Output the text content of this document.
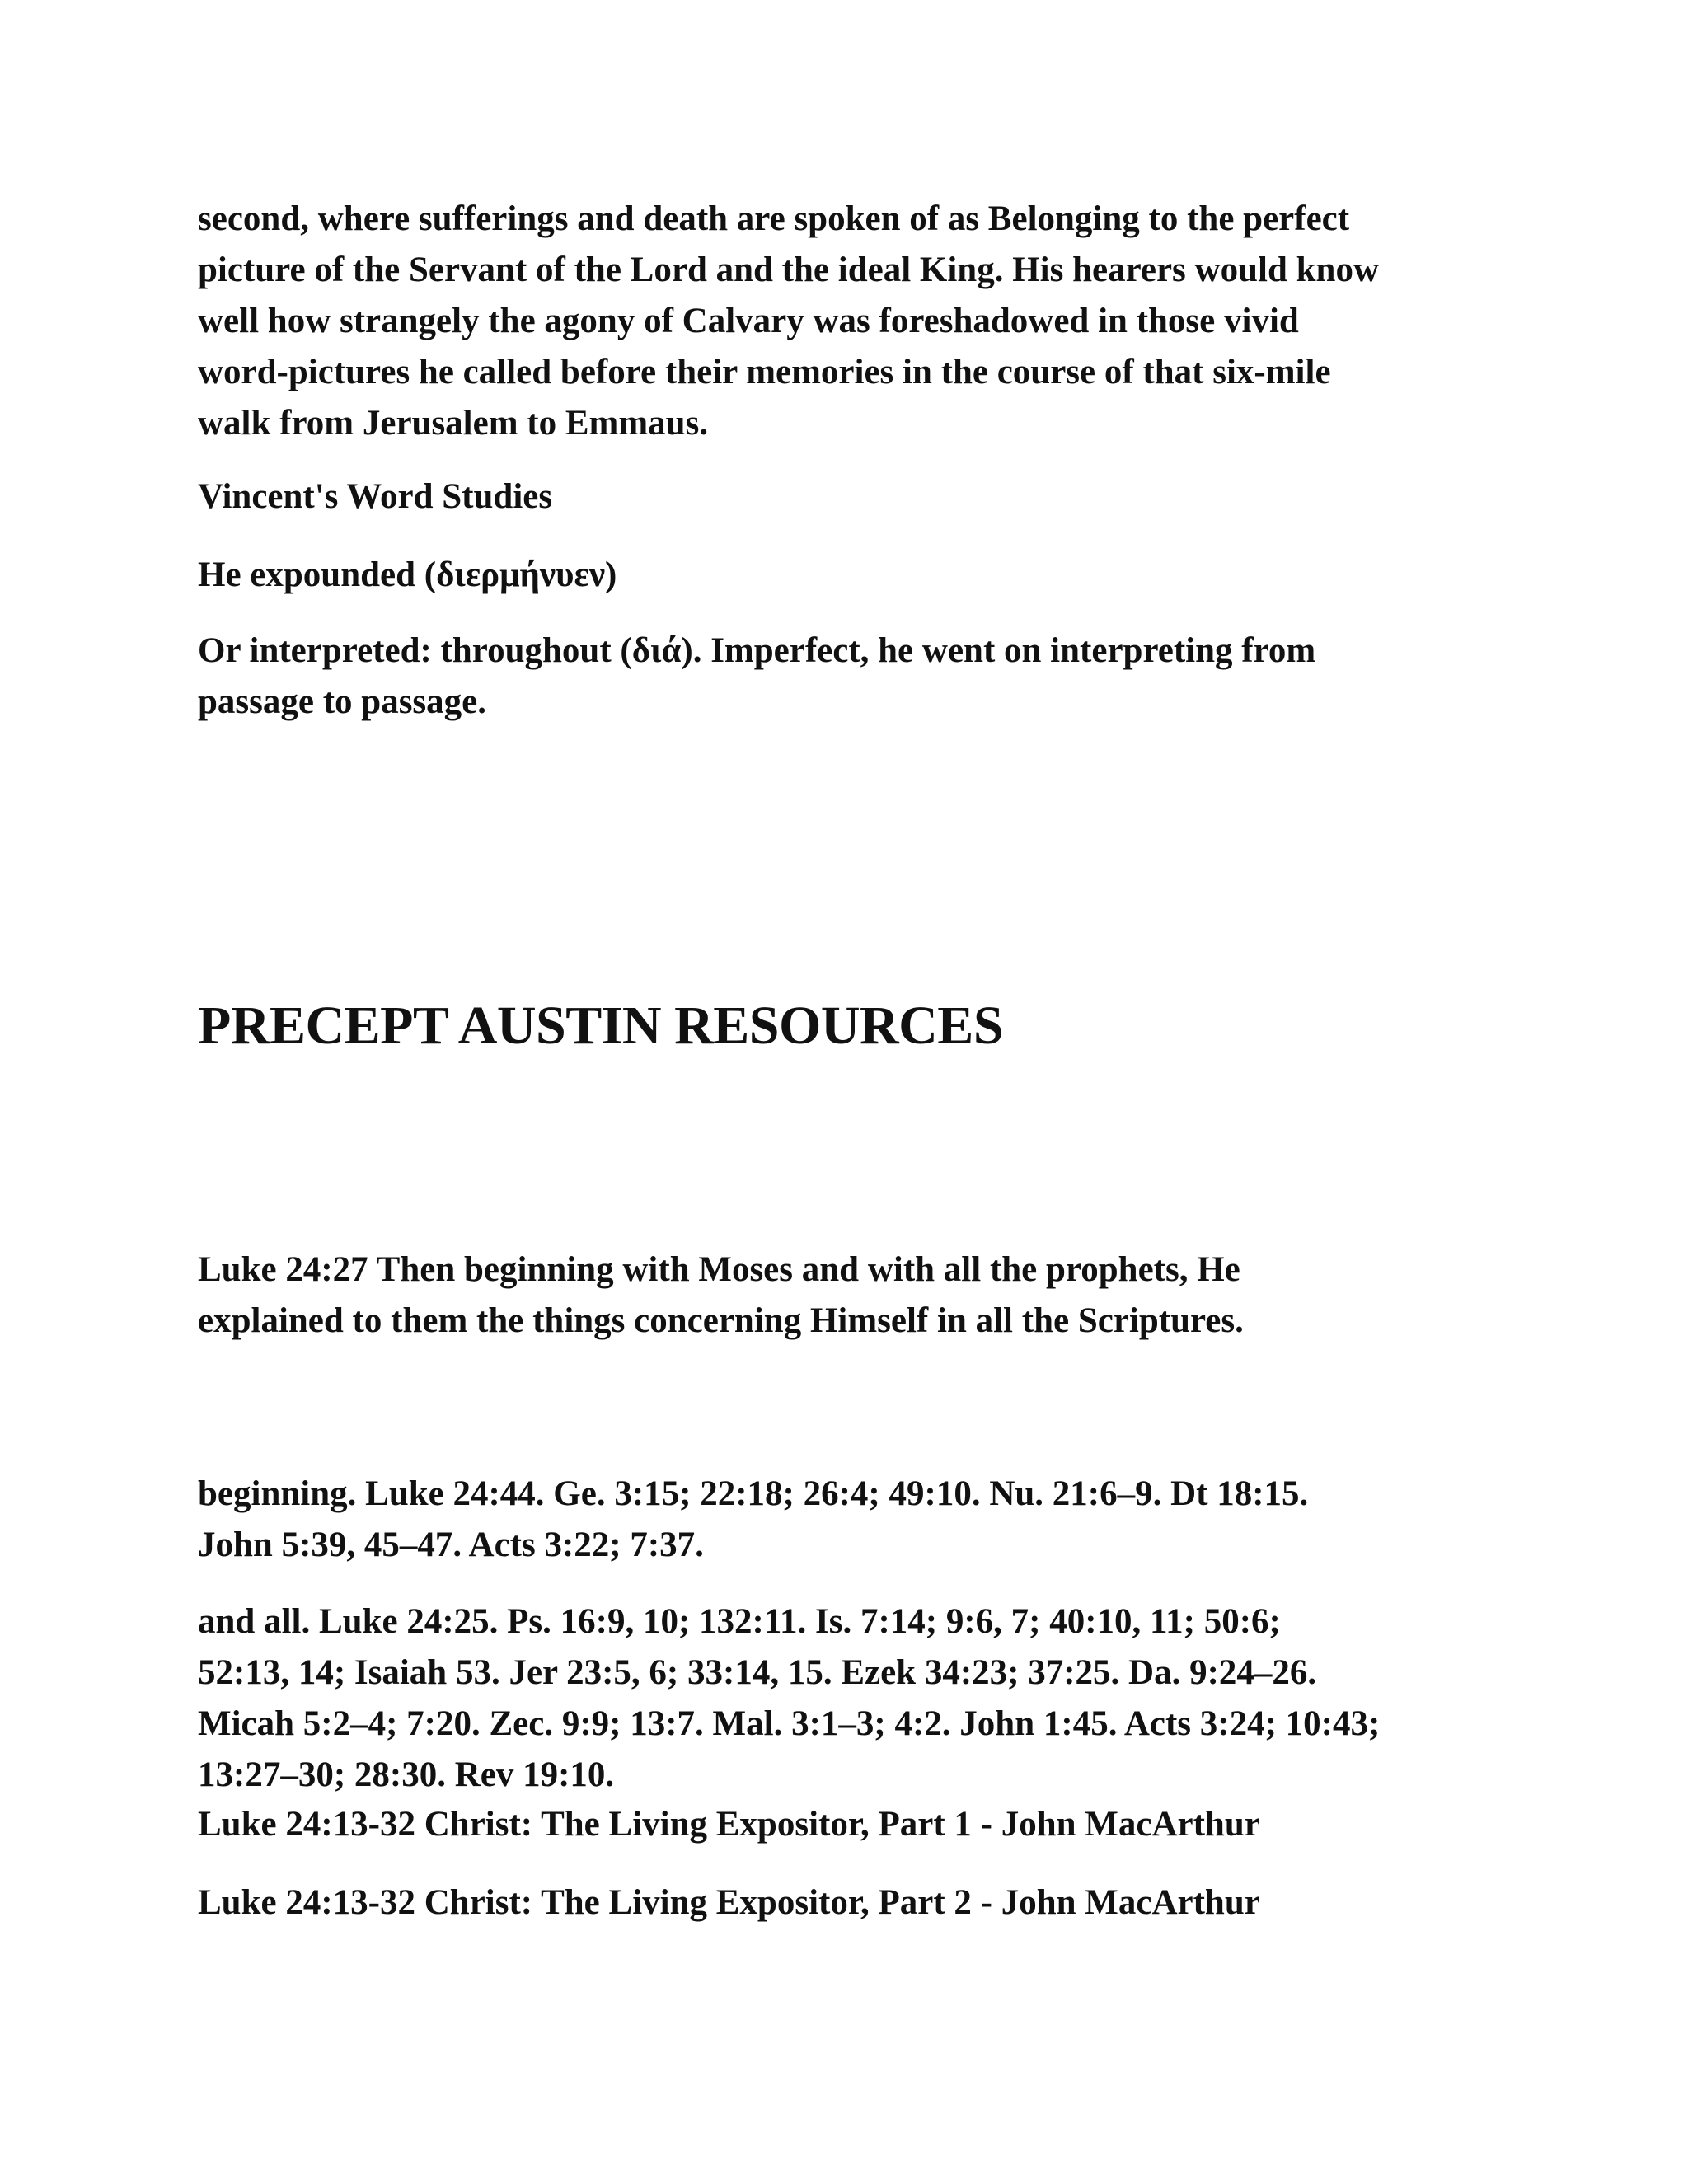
second, where sufferings and death are spoken of as Belonging to the perfect
picture of the Servant of the Lord and the ideal King. His hearers would know
well how strangely the agony of Calvary was foreshadowed in those vivid
word-pictures he called before their memories in the course of that six-mile
walk from Jerusalem to Emmaus.

Vincent's Word Studies

He expounded (διερμήνυεν)

Or interpreted: throughout (διά). Imperfect, he went on interpreting from
passage to passage.

PRECEPT AUSTIN RESOURCES

Luke 24:27 Then beginning with Moses and with all the prophets, He
explained to them the things concerning Himself in all the Scriptures.

beginning. Luke 24:44. Ge. 3:15; 22:18; 26:4; 49:10. Nu. 21:6–9. Dt 18:15.
John 5:39, 45–47. Acts 3:22; 7:37.

and all. Luke 24:25. Ps. 16:9, 10; 132:11. Is. 7:14; 9:6, 7; 40:10, 11; 50:6;
52:13, 14; Isaiah 53. Jer 23:5, 6; 33:14, 15. Ezek 34:23; 37:25. Da. 9:24–26.
Micah 5:2–4; 7:20. Zec. 9:9; 13:7. Mal. 3:1–3; 4:2. John 1:45. Acts 3:24; 10:43;
13:27–30; 28:30. Rev 19:10.

Luke 24:13-32 Christ: The Living Expositor, Part 1 - John MacArthur

Luke 24:13-32 Christ: The Living Expositor, Part 2 - John MacArthur
